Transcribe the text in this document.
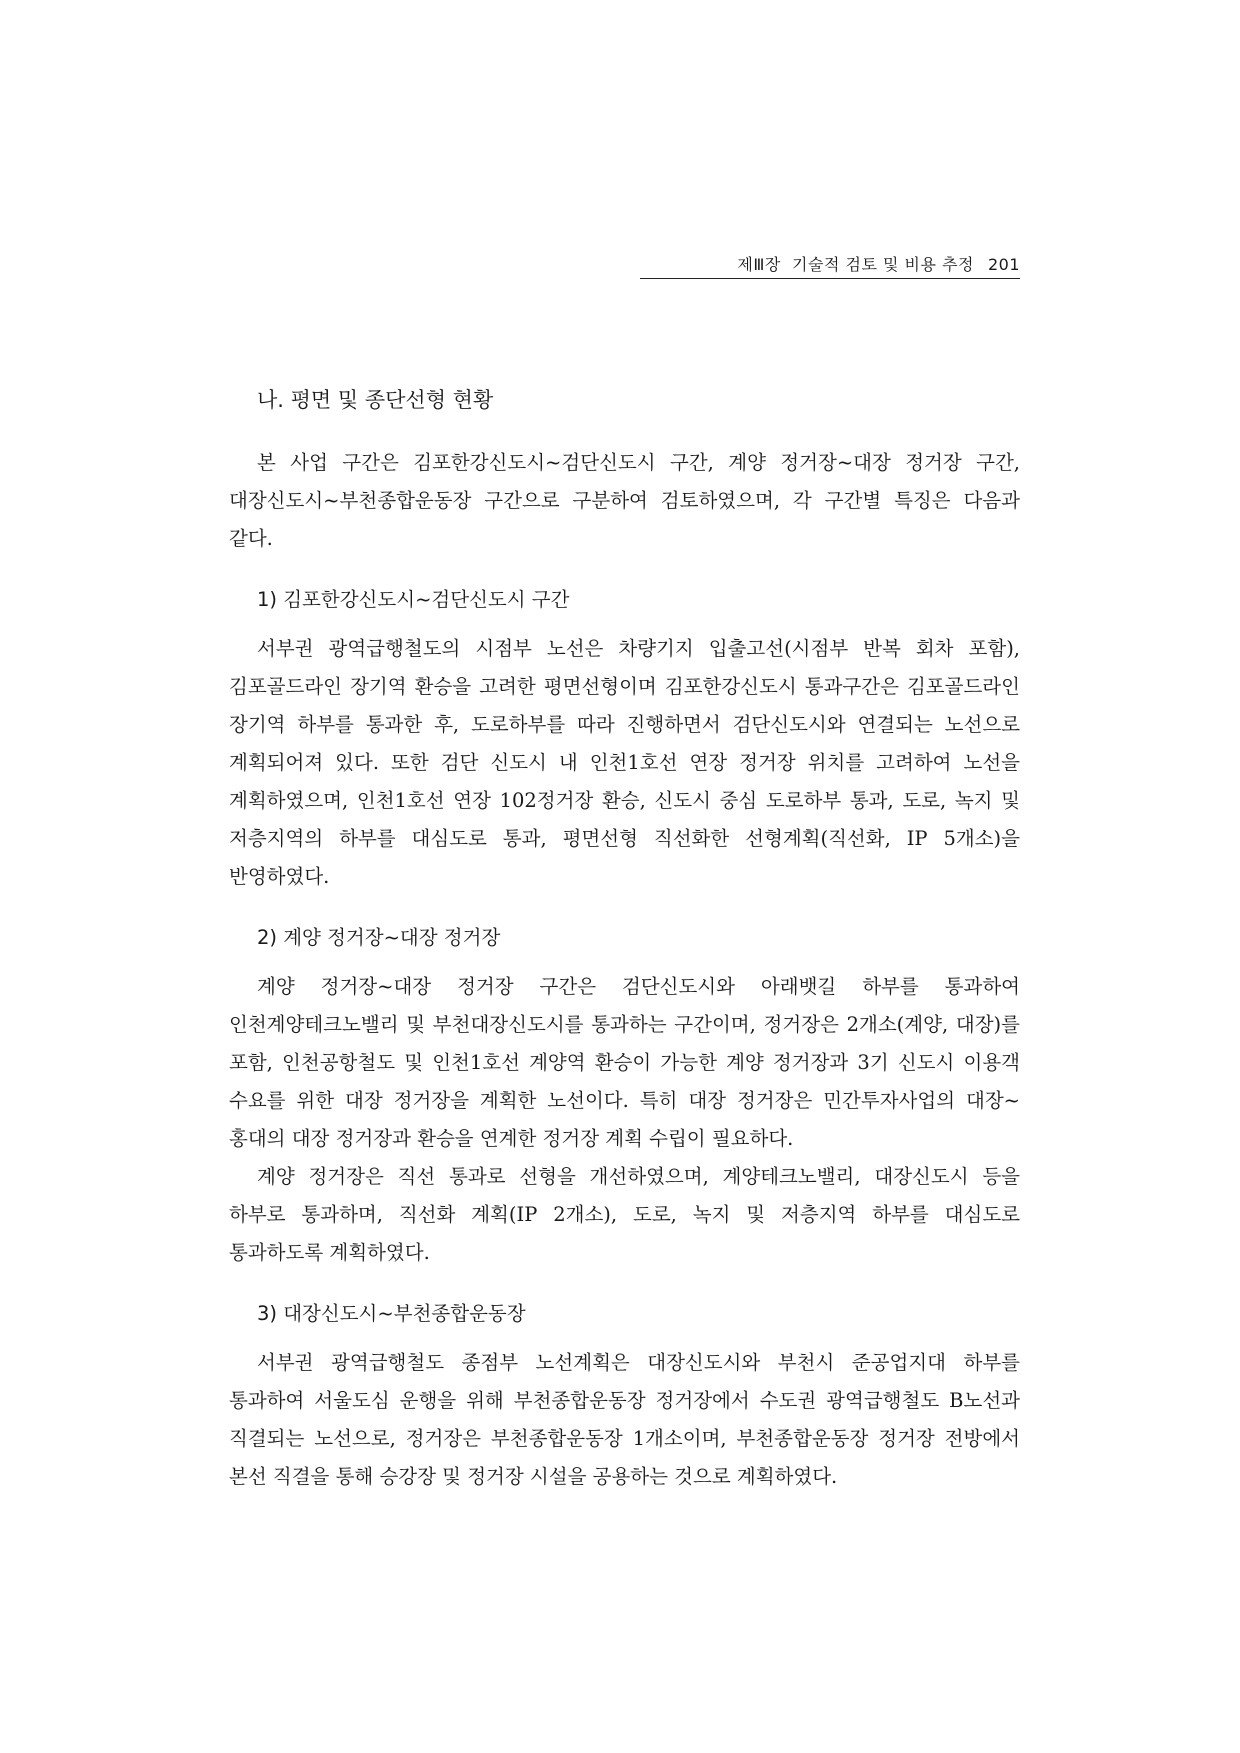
제Ⅲ장  기술적 검토 및 비용 추정 201
나. 평면 및 종단선형 현황

본 사업 구간은 김포한강신도시~검단신도시 구간, 계양 정거장~대장 정거장 구간, 대장신도시~부천종합운동장 구간으로 구분하여 검토하였으며, 각 구간별 특징은 다음과 같다.

1) 김포한강신도시~검단신도시 구간

서부권 광역급행철도의 시점부 노선은 차량기지 입출고선(시점부 반복 회차 포함), 김포골드라인 장기역 환승을 고려한 평면선형이며 김포한강신도시 통과구간은 김포골드라인 장기역 하부를 통과한 후, 도로하부를 따라 진행하면서 검단신도시와 연결되는 노선으로 계획되어져 있다. 또한 검단 신도시 내 인천1호선 연장 정거장 위치를 고려하여 노선을 계획하였으며, 인천1호선 연장 102정거장 환승, 신도시 중심 도로하부 통과, 도로, 녹지 및 저층지역의 하부를 대심도로 통과, 평면선형 직선화한 선형계획(직선화, IP 5개소)을 반영하였다.

2) 계양 정거장~대장 정거장

계양 정거장~대장 정거장 구간은 검단신도시와 아래뱃길 하부를 통과하여 인천계양테크노밸리 및 부천대장신도시를 통과하는 구간이며, 정거장은 2개소(계양, 대장)를 포함, 인천공항철도 및 인천1호선 계양역 환승이 가능한 계양 정거장과 3기 신도시 이용객 수요를 위한 대장 정거장을 계획한 노선이다. 특히 대장 정거장은 민간투자사업의 대장~홍대의 대장 정거장과 환승을 연계한 정거장 계획 수립이 필요하다.

계양 정거장은 직선 통과로 선형을 개선하였으며, 계양테크노밸리, 대장신도시 등을 하부로 통과하며, 직선화 계획(IP 2개소), 도로, 녹지 및 저층지역 하부를 대심도로 통과하도록 계획하였다.

3) 대장신도시~부천종합운동장

서부권 광역급행철도 종점부 노선계획은 대장신도시와 부천시 준공업지대 하부를 통과하여 서울도심 운행을 위해 부천종합운동장 정거장에서 수도권 광역급행철도 B노선과 직결되는 노선으로, 정거장은 부천종합운동장 1개소이며, 부천종합운동장 정거장 전방에서 본선 직결을 통해 승강장 및 정거장 시설을 공용하는 것으로 계획하였다.
